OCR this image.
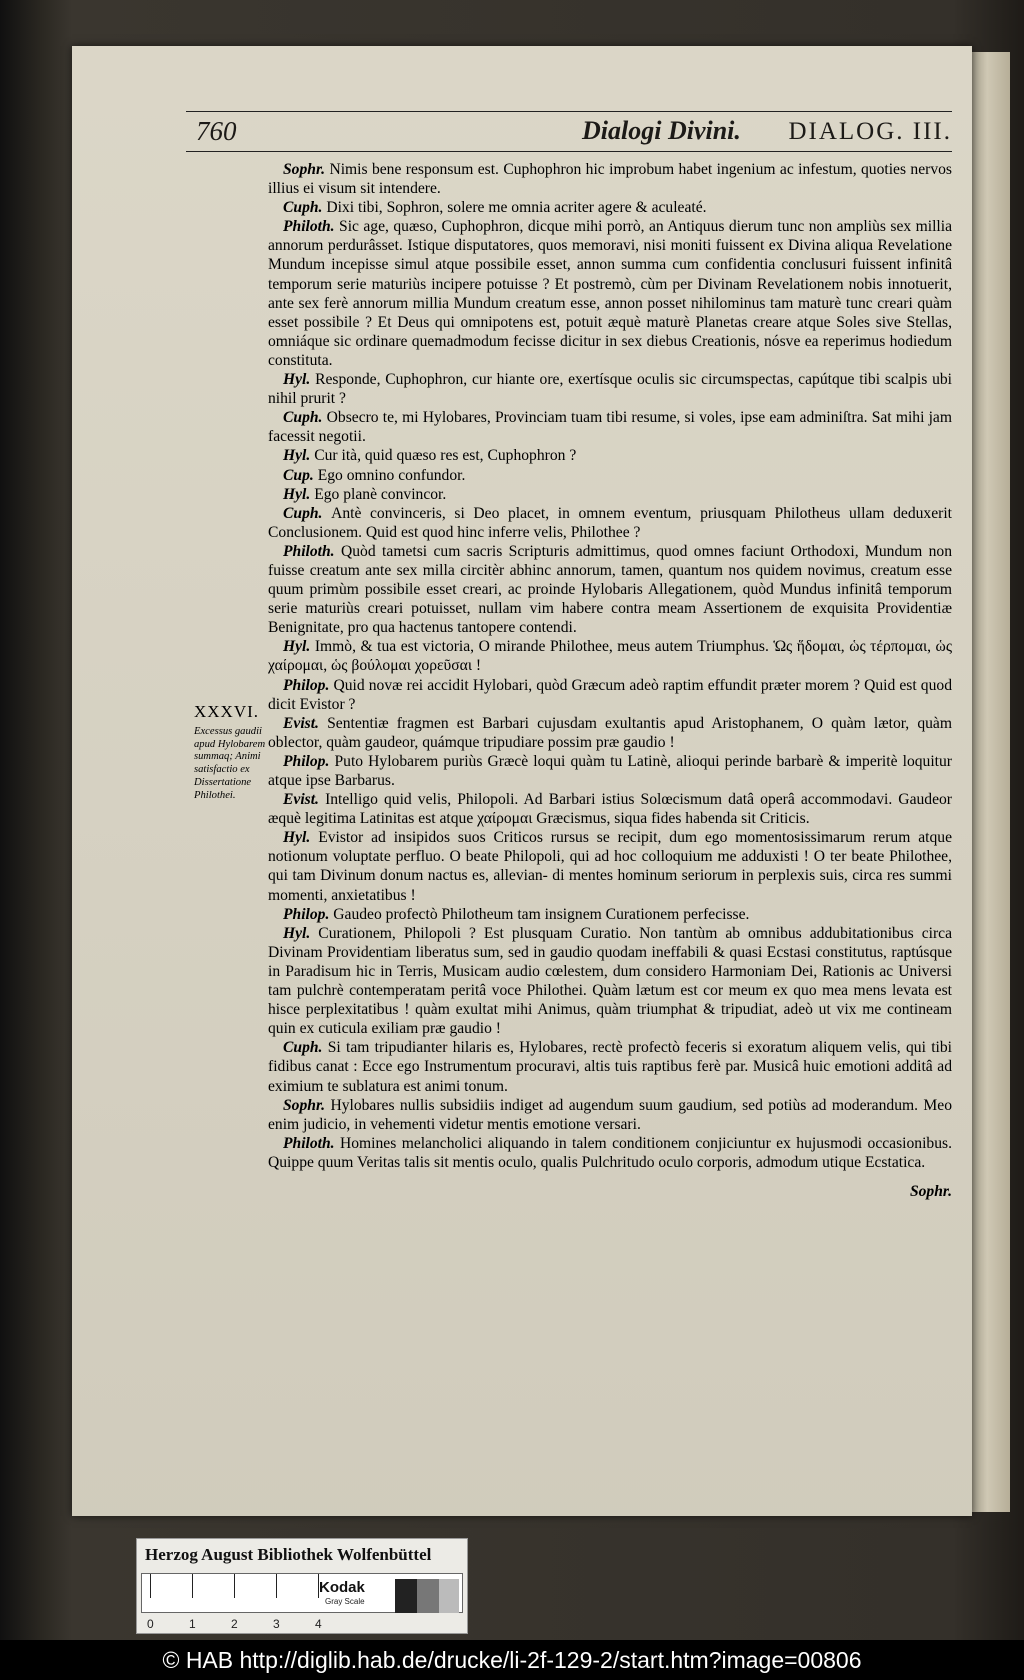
760	Dialogi Divini. DIALOG. III.

Sophr. Nimis bene responsum est. Cuphophron hic improbum habet ingenium ac infestum, quoties nervos illius ei visum sit intendere.

Cuph. Dixi tibi, Sophron, solere me omnia acriter agere & aculeaté.

Philoth. Sic age, quæso, Cuphophron, dicque mihi porrò, an Antiquus dierum tunc non ampliùs sex millia annorum perdurâsset. Istique disputatores, quos memoravi, nisi moniti fuissent ex Divina aliqua Revelatione Mundum incepisse simul atque possibile esset, annon summa cum confidentia conclusuri fuissent infinitâ temporum serie maturiùs incipere potuisse ? Et postremò, cùm per Divinam Revelationem nobis innotuerit, ante sex ferè annorum millia Mundum creatum esse, annon posset nihilominus tam maturè tunc creari quàm esset possibile ? Et Deus qui omnipotens est, potuit æquè maturè Planetas creare atque Soles sive Stellas, omniáque sic ordinare quemadmodum fecisse dicitur in sex diebus Creationis, nósve ea reperimus hodiedum constituta.

Hyl. Responde, Cuphophron, cur hiante ore, exertísque oculis sic circumspectas, capútque tibi scalpis ubi nihil prurit ?

Cuph. Obsecro te, mi Hylobares, Provinciam tuam tibi resume, si voles, ipse eam adminiſtra. Sat mihi jam facessit negotii.

Hyl. Cur ità, quid quæso res est, Cuphophron ?

Cup. Ego omnino confundor.

Hyl. Ego planè convincor.

Cuph. Antè convinceris, si Deo placet, in omnem eventum, priusquam Philotheus ullam deduxerit Conclusionem. Quid est quod hinc inferre velis, Philothee ?

Philoth. Quòd tametsi cum sacris Scripturis admittimus, quod omnes faciunt Orthodoxi, Mundum non fuisse creatum ante sex milla circitèr abhinc annorum, tamen, quantum nos quidem novimus, creatum esse quum primùm possibile esset creari, ac proinde Hylobaris Allegationem, quòd Mundus infinitâ temporum serie maturiùs creari potuisset, nullam vim habere contra meam Assertionem de exquisita Providentiæ Benignitate, pro qua hactenus tantopere contendi.

Hyl. Immò, & tua est victoria, O mirande Philothee, meus autem Triumphus. Ὡς ἥδομαι, ὡς τέρπομαι, ὡς χαίρομαι, ὡς βούλομαι χορεῦσαι !

Philop. Quid novæ rei accidit Hylobari, quòd Græcum adeò raptim effundit præter morem ? Quid est quod dicit Evistor ?

Evist. Sententiæ fragmen est Barbari cujusdam exultantis apud Aristophanem, O quàm lætor, quàm oblector, quàm gaudeor, quámque tripudiare possim præ gaudio !

Philop. Puto Hylobarem puriùs Græcè loqui quàm tu Latinè, alioqui perinde barbarè & imperitè loquitur atque ipse Barbarus.

Evist. Intelligo quid velis, Philopoli. Ad Barbari istius Solœcismum datâ operâ accommodavi. Gaudeor æquè legitima Latinitas est atque χαίρομαι Græcismus, siqua fides habenda sit Criticis.

Hyl. Evistor ad insipidos suos Criticos rursus se recipit, dum ego momentosissimarum rerum atque notionum voluptate perfluo. O beate Philopoli, qui ad hoc colloquium me adduxisti ! O ter beate Philothee, qui tam Divinum donum nactus es, allevian- di mentes hominum seriorum in perplexis suis, circa res summi momenti, anxietatibus !

Philop. Gaudeo profectò Philotheum tam insignem Curationem perfecisse.

Hyl. Curationem, Philopoli ? Est plusquam Curatio. Non tantùm ab omnibus addubitationibus circa Divinam Providentiam liberatus sum, sed in gaudio quodam ineffabili & quasi Ecstasi constitutus, raptúsque in Paradisum hic in Terris, Musicam audio cœlestem, dum considero Harmoniam Dei, Rationis ac Universi tam pulchrè contemperatam peritâ voce Philothei. Quàm lætum est cor meum ex quo mea mens levata est hisce perplexitatibus ! quàm exultat mihi Animus, quàm triumphat & tripudiat, adeò ut vix me contineam quin ex cuticula exiliam præ gaudio !

Cuph. Si tam tripudianter hilaris es, Hylobares, rectè profectò feceris si exoratum aliquem velis, qui tibi fidibus canat : Ecce ego Instrumentum procuravi, altis tuis raptibus ferè par. Musicâ huic emotioni additâ ad eximium te sublatura est animi tonum.

Sophr. Hylobares nullis subsidiis indiget ad augendum suum gaudium, sed potiùs ad moderandum. Meo enim judicio, in vehementi videtur mentis emotione versari.

Philoth. Homines melancholici aliquando in talem conditionem conjiciuntur ex hujusmodi occasionibus. Quippe quum Veritas talis sit mentis oculo, qualis Pulchritudo oculo corporis, admodum utique Ecstatica.

Sophr.
XXXVI.
Excessus gaudii apud Hylobarem summaq; Animi satisfactio ex Dissertatione Philothei.
Herzog August Bibliothek Wolfenbüttel
Kodak
Gray Scale
0	1	2	3	4
© HAB http://diglib.hab.de/drucke/li-2f-129-2/start.htm?image=00806
